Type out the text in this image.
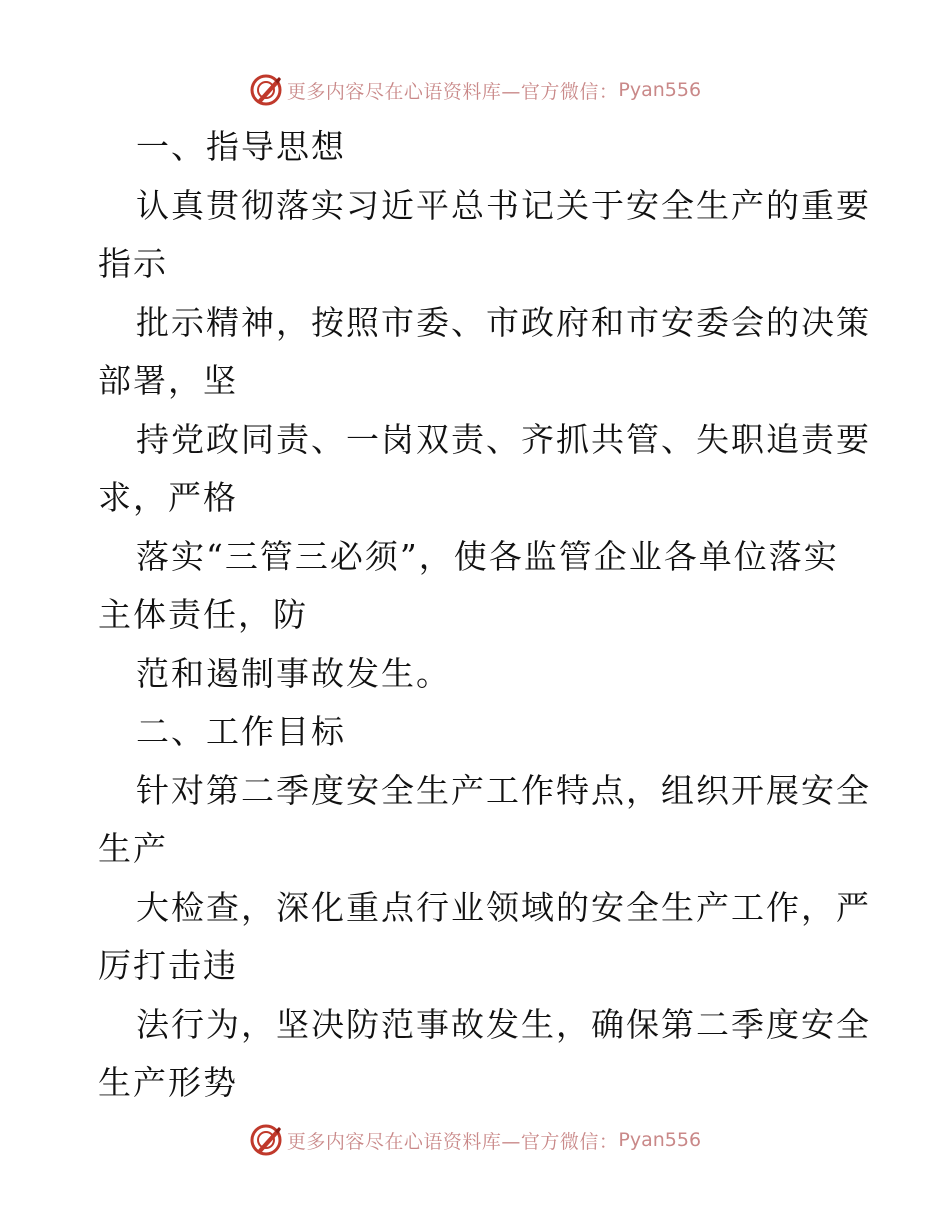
更多内容尽在心语资料库—官方微信： Pyan556
一、指导思想
认真贯彻落实习近平总书记关于安全生产的重要
指示
批示精神，按照市委、市政府和市安委会的决策
部署，坚
持党政同责、一岗双责、齐抓共管、失职追责要
求，严格
落实“三管三必须”，使各监管企业各单位落实
主体责任，防
范和遏制事故发生。
二、工作目标
针对第二季度安全生产工作特点，组织开展安全
生产
大检查，深化重点行业领域的安全生产工作，严
厉打击违
法行为，坚决防范事故发生，确保第二季度安全
生产形势
更多内容尽在心语资料库—官方微信： Pyan556
